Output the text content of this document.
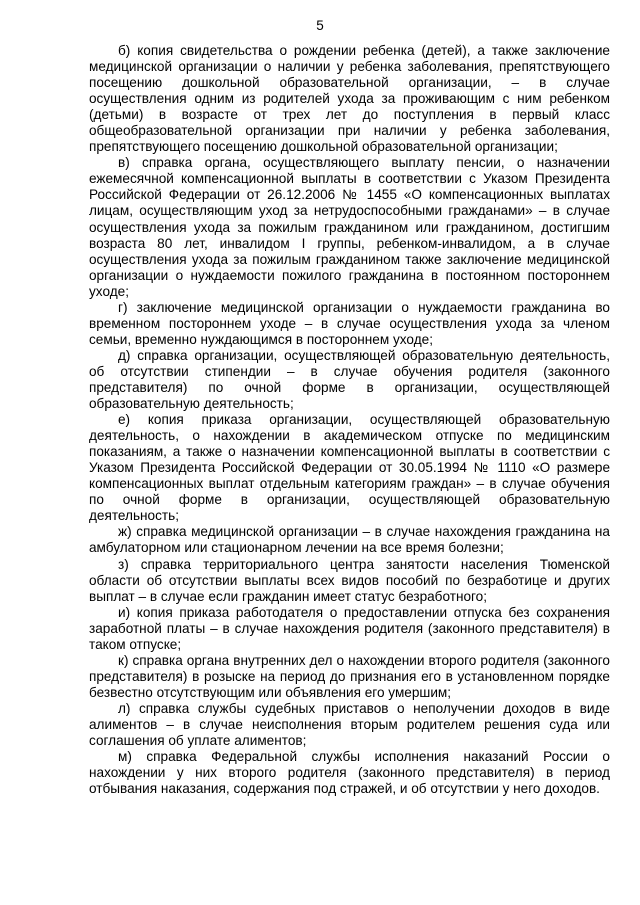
5

б) копия свидетельства о рождении ребенка (детей), а также заключение медицинской организации о наличии у ребенка заболевания, препятствующего посещению дошкольной образовательной организации, – в случае осуществления одним из родителей ухода за проживающим с ним ребенком (детьми) в возрасте от трех лет до поступления в первый класс общеобразовательной организации при наличии у ребенка заболевания, препятствующего посещению дошкольной образовательной организации;

в) справка органа, осуществляющего выплату пенсии, о назначении ежемесячной компенсационной выплаты в соответствии с Указом Президента Российской Федерации от 26.12.2006 № 1455 «О компенсационных выплатах лицам, осуществляющим уход за нетрудоспособными гражданами» – в случае осуществления ухода за пожилым гражданином или гражданином, достигшим возраста 80 лет, инвалидом I группы, ребенком-инвалидом, а в случае осуществления ухода за пожилым гражданином также заключение медицинской организации о нуждаемости пожилого гражданина в постоянном постороннем уходе;

г) заключение медицинской организации о нуждаемости гражданина во временном постороннем уходе – в случае осуществления ухода за членом семьи, временно нуждающимся в постороннем уходе;

д) справка организации, осуществляющей образовательную деятельность, об отсутствии стипендии – в случае обучения родителя (законного представителя) по очной форме в организации, осуществляющей образовательную деятельность;

е) копия приказа организации, осуществляющей образовательную деятельность, о нахождении в академическом отпуске по медицинским показаниям, а также о назначении компенсационной выплаты в соответствии с Указом Президента Российской Федерации от 30.05.1994 № 1110 «О размере компенсационных выплат отдельным категориям граждан» – в случае обучения по очной форме в организации, осуществляющей образовательную деятельность;

ж) справка медицинской организации – в случае нахождения гражданина на амбулаторном или стационарном лечении на все время болезни;

з) справка территориального центра занятости населения Тюменской области об отсутствии выплаты всех видов пособий по безработице и других выплат – в случае если гражданин имеет статус безработного;

и) копия приказа работодателя о предоставлении отпуска без сохранения заработной платы – в случае нахождения родителя (законного представителя) в таком отпуске;

к) справка органа внутренних дел о нахождении второго родителя (законного представителя) в розыске на период до признания его в установленном порядке безвестно отсутствующим или объявления его умершим;

л) справка службы судебных приставов о неполучении доходов в виде алиментов – в случае неисполнения вторым родителем решения суда или соглашения об уплате алиментов;

м) справка Федеральной службы исполнения наказаний России о нахождении у них второго родителя (законного представителя) в период отбывания наказания, содержания под стражей, и об отсутствии у него доходов.
